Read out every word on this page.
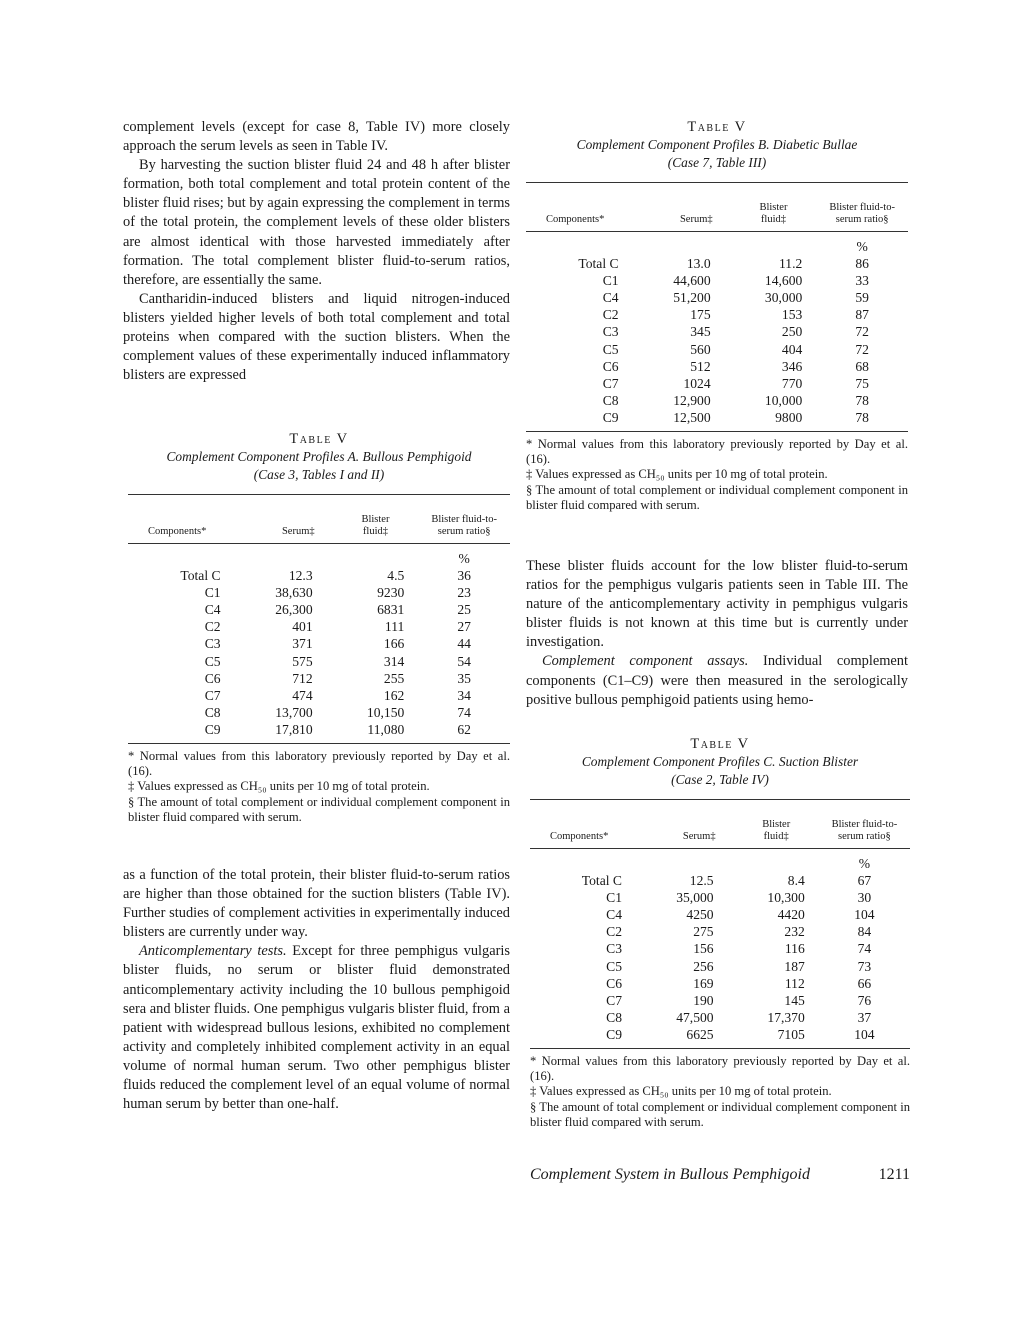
complement levels (except for case 8, Table IV) more closely approach the serum levels as seen in Table IV.

By harvesting the suction blister fluid 24 and 48 h after blister formation, both total complement and total protein content of the blister fluid rises; but by again expressing the complement in terms of the total protein, the complement levels of these older blisters are almost identical with those harvested immediately after formation. The total complement blister fluid-to-serum ratios, therefore, are essentially the same.

Cantharidin-induced blisters and liquid nitrogen-induced blisters yielded higher levels of both total complement and total proteins when compared with the suction blisters. When the complement values of these experimentally induced inflammatory blisters are expressed

Table V
Complement Component Profiles A. Bullous Pemphigoid
(Case 3, Tables I and II)
Components*	Serum‡	Blister fluid‡	Blister fluid-to-serum ratio§
			%
Total C	12.3	4.5	36
C1	38,630	9230	23
C4	26,300	6831	25
C2	401	111	27
C3	371	166	44
C5	575	314	54
C6	712	255	35
C7	474	162	34
C8	13,700	10,150	74
C9	17,810	11,080	62

* Normal values from this laboratory previously reported by Day et al. (16).

‡ Values expressed as CH₅₀ units per 10 mg of total protein.

§ The amount of total complement or individual complement component in blister fluid compared with serum.

as a function of the total protein, their blister fluid-to-serum ratios are higher than those obtained for the suction blisters (Table IV). Further studies of complement activities in experimentally induced blisters are currently under way.

Anticomplementary tests. Except for three pemphigus vulgaris blister fluids, no serum or blister fluid demonstrated anticomplementary activity including the 10 bullous pemphigoid sera and blister fluids. One pemphigus vulgaris blister fluid, from a patient with widespread bullous lesions, exhibited no complement activity and completely inhibited complement activity in an equal volume of normal human serum. Two other pemphigus blister fluids reduced the complement level of an equal volume of normal human serum by better than one-half.

Table V
Complement Component Profiles B. Diabetic Bullae
(Case 7, Table III)
Components*	Serum‡	Blister fluid‡	Blister fluid-to-serum ratio§
			%
Total C	13.0	11.2	86
C1	44,600	14,600	33
C4	51,200	30,000	59
C2	175	153	87
C3	345	250	72
C5	560	404	72
C6	512	346	68
C7	1024	770	75
C8	12,900	10,000	78
C9	12,500	9800	78

* Normal values from this laboratory previously reported by Day et al. (16).

‡ Values expressed as CH₅₀ units per 10 mg of total protein.

§ The amount of total complement or individual complement component in blister fluid compared with serum.

These blister fluids account for the low blister fluid-to-serum ratios for the pemphigus vulgaris patients seen in Table III. The nature of the anticomplementary activity in pemphigus vulgaris blister fluids is not known at this time but is currently under investigation.

Complement component assays. Individual complement components (C1–C9) were then measured in the serologically positive bullous pemphigoid patients using hemo-

Table V
Complement Component Profiles C. Suction Blister
(Case 2, Table IV)
Components*	Serum‡	Blister fluid‡	Blister fluid-to-serum ratio§
			%
Total C	12.5	8.4	67
C1	35,000	10,300	30
C4	4250	4420	104
C2	275	232	84
C3	156	116	74
C5	256	187	73
C6	169	112	66
C7	190	145	76
C8	47,500	17,370	37
C9	6625	7105	104

* Normal values from this laboratory previously reported by Day et al. (16).

‡ Values expressed as CH₅₀ units per 10 mg of total protein.

§ The amount of total complement or individual complement component in blister fluid compared with serum.

Complement System in Bullous Pemphigoid	1211
